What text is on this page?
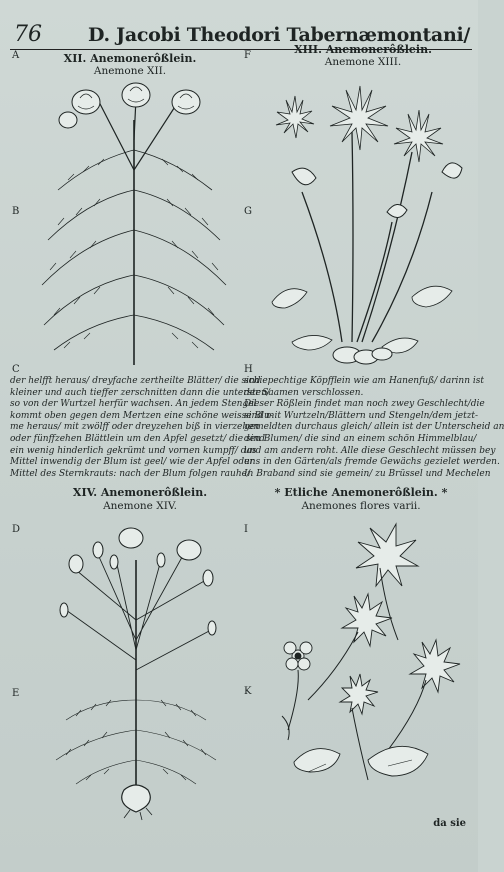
76 D. Jacobi Theodori Tabernæmontani/
A
B
C
D
E
F
G
H
I
K
XII. Anemonerôßlein.
Anemone XII.
XIII. Anemonerôßlein.
Anemone XIII.
der helfft heraus/ dreyfache zertheilte Blätter/ die sind
kleiner und auch tieffer zerschnitten dann die untersten/
so von der Wurtzel herfür wachsen. An jedem Stengel
kommt oben gegen dem Mertzen eine schöne weisse Blu-
me heraus/ mit zwölff oder dreyzehen biß in vierzehen
oder fünffzehen Blättlein um den Apfel gesetzt/ die sind
ein wenig hinderlich gekrümt und vornen kumpff/ das
Mittel inwendig der Blum ist geel/ wie der Apfel oder
Mittel des Sternkrauts: nach der Blum folgen rauhe/
schiepechtige Köpfflein wie am Hanenfuß/ darinn ist
der Saamen verschlossen.
Dieser Rößlein findet man noch zwey Geschlecht/die
sind mit Wurtzeln/Blättern und Stengeln/dem jetzt-
gemeldten durchaus gleich/ allein ist der Unterscheid an
den Blumen/ die sind an einem schön Himmelblau/
und am andern roht. Alle diese Geschlecht müssen bey
uns in den Gärten/als fremde Gewächs gezielet werden.
In Braband sind sie gemein/ zu Brüssel und Mechelen
XIV. Anemonerôßlein.
Anemone XIV.
* Etliche Anemonerôßlein. *
Anemones flores varii.
da sie
